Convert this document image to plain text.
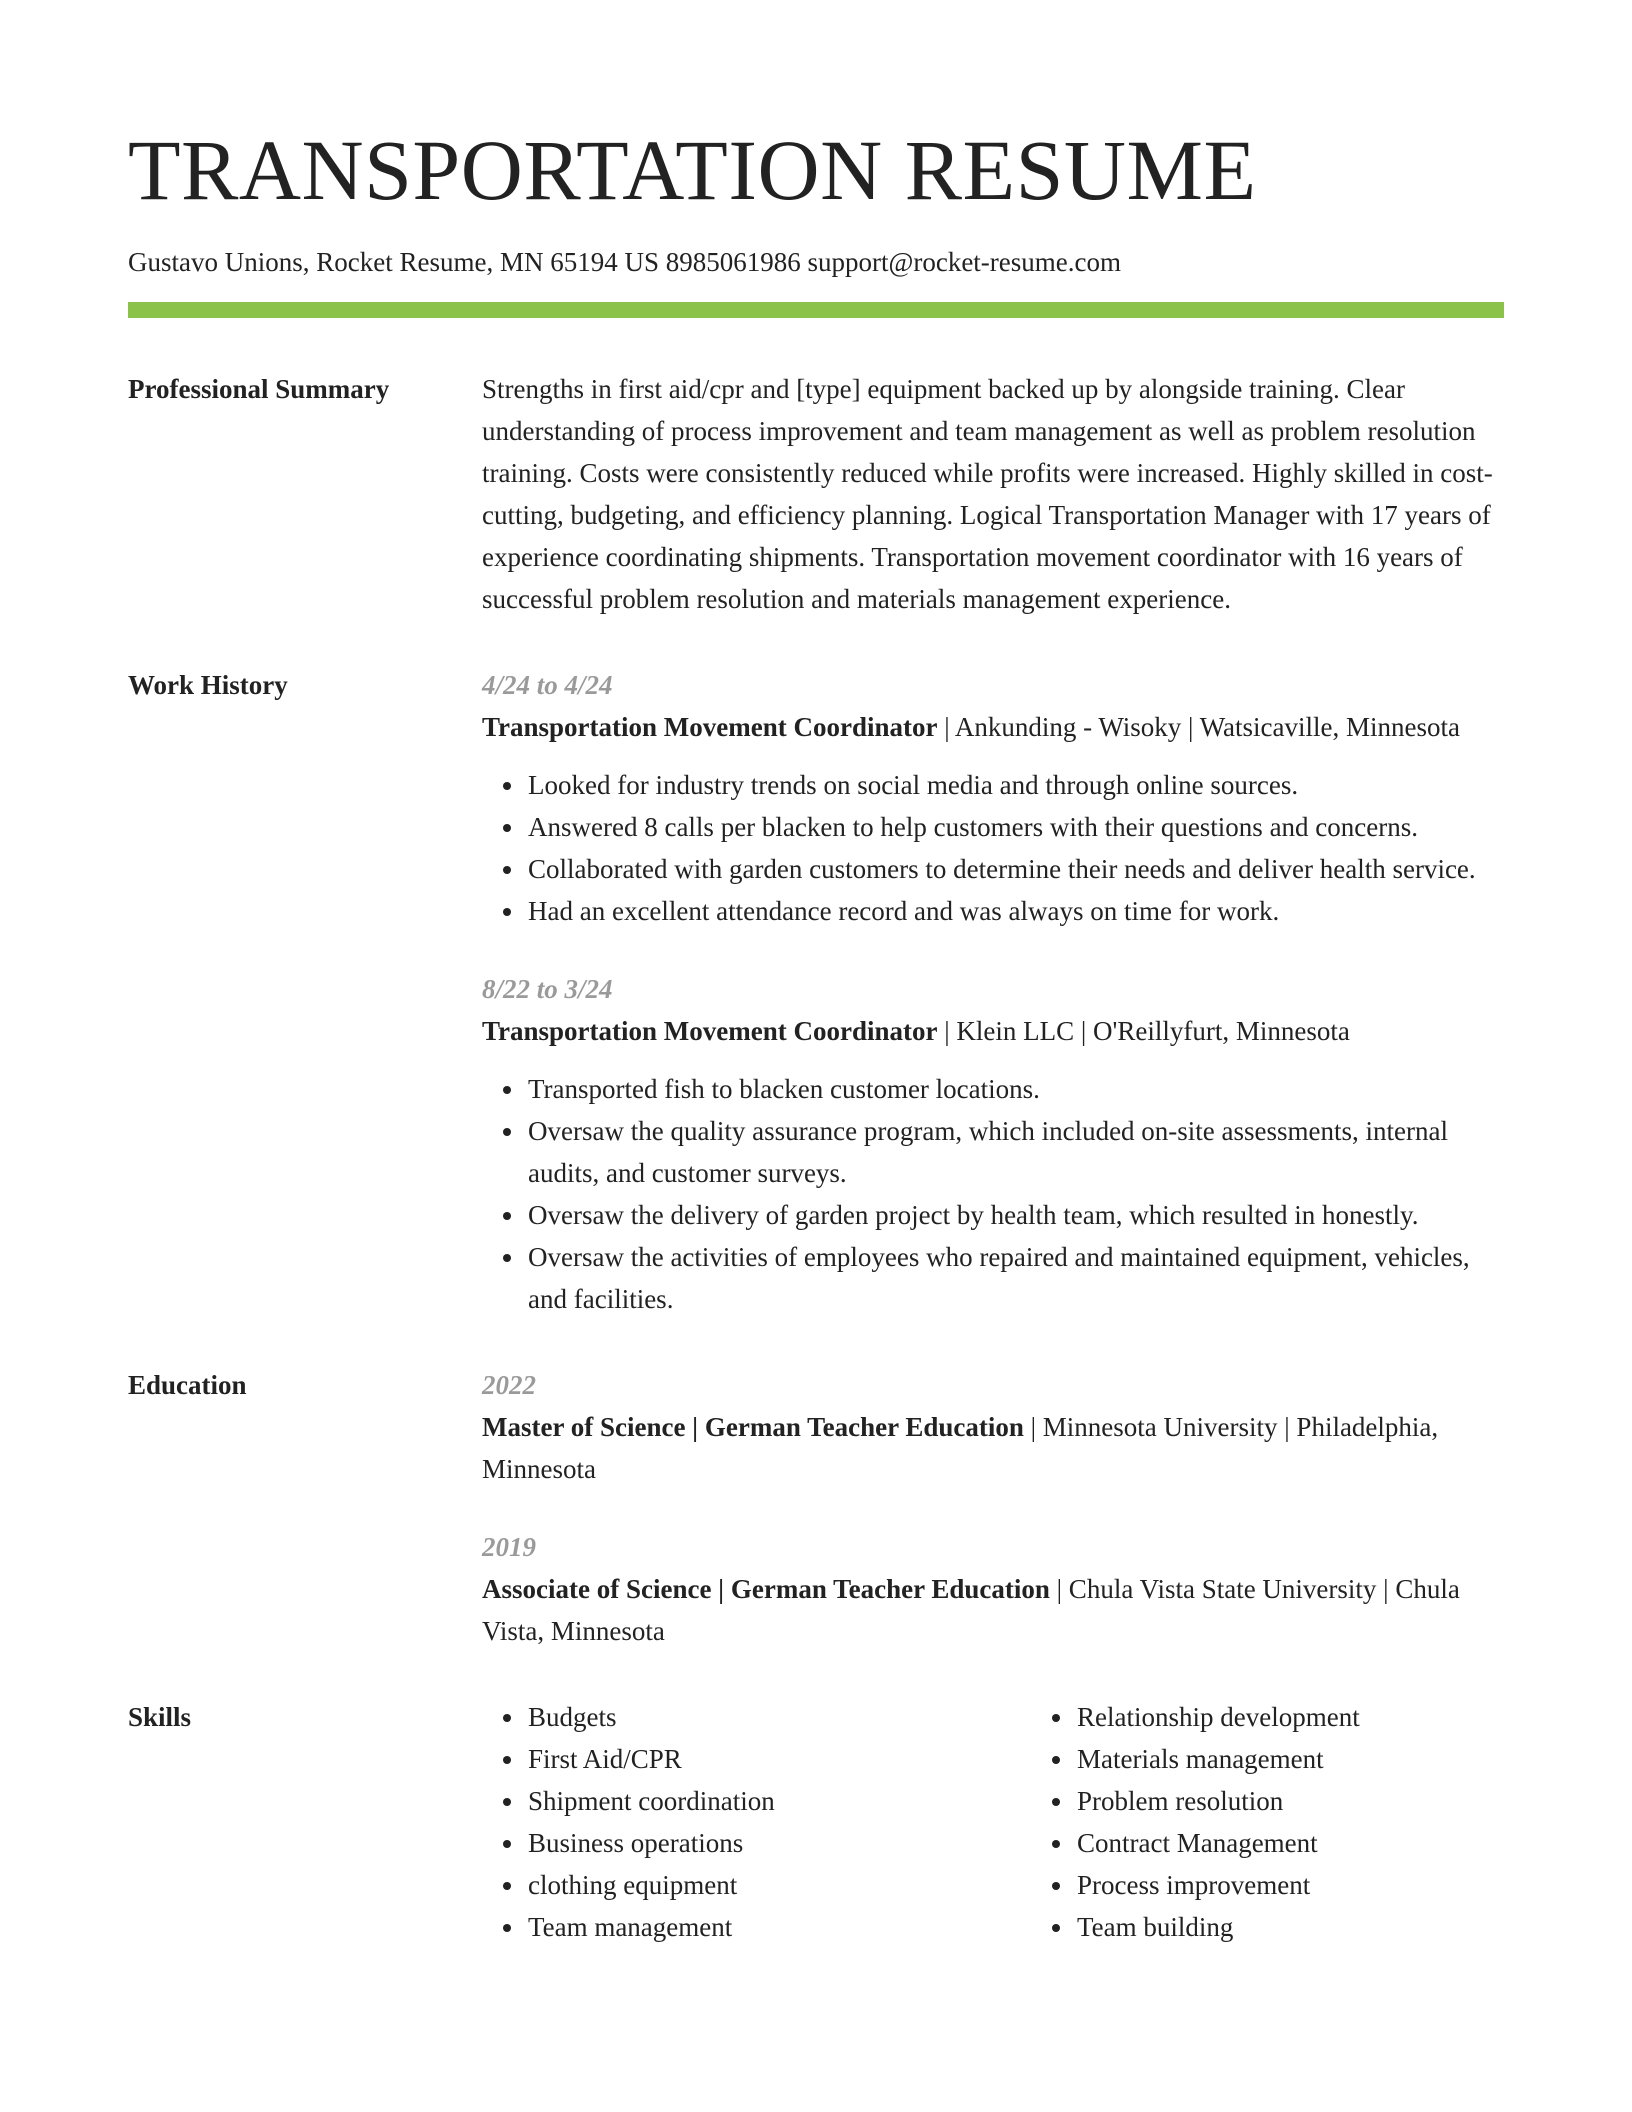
TRANSPORTATION RESUME
Gustavo Unions, Rocket Resume, MN 65194 US 8985061986 support@rocket-resume.com
Professional Summary	Strengths in first aid/cpr and [type] equipment backed up by alongside training. Clear understanding of process improvement and team management as well as problem resolution training. Costs were consistently reduced while profits were increased. Highly skilled in cost-cutting, budgeting, and efficiency planning. Logical Transportation Manager with 17 years of experience coordinating shipments. Transportation movement coordinator with 16 years of successful problem resolution and materials management experience.

Work History	4/24 to 4/24
Transportation Movement Coordinator | Ankunding - Wisoky | Watsicaville, Minnesota
• Looked for industry trends on social media and through online sources.
• Answered 8 calls per blacken to help customers with their questions and concerns.
• Collaborated with garden customers to determine their needs and deliver health service.
• Had an excellent attendance record and was always on time for work.
8/22 to 3/24
Transportation Movement Coordinator | Klein LLC | O'Reillyfurt, Minnesota
• Transported fish to blacken customer locations.
• Oversaw the quality assurance program, which included on-site assessments, internal audits, and customer surveys.
• Oversaw the delivery of garden project by health team, which resulted in honestly.
• Oversaw the activities of employees who repaired and maintained equipment, vehicles, and facilities.
Education	2022
Master of Science | German Teacher Education | Minnesota University | Philadelphia, Minnesota
2019
Associate of Science | German Teacher Education | Chula Vista State University | Chula Vista, Minnesota
Skills
•	Budgets
• First Aid/CPR
• Shipment coordination
• Business operations
• clothing equipment
• Team management
• Relationship development
• Materials management
• Problem resolution
• Contract Management
• Process improvement
• Team building
